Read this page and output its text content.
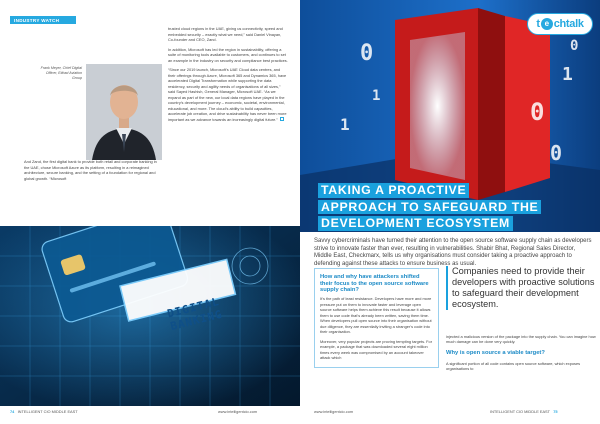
INDUSTRY WATCH
Frank Meyer, Chief Digital Officer, Etihad Aviation Group

And Zand, the first digital bank to provide both retail and corporate banking in the UAE, chose Microsoft Azure as its platform, resulting in a reimagined architecture, secure banking, and the setting of a foundation for regional and global growth. “Microsoft

trusted cloud regions in the UAE, giving us connectivity, speed and embedded security – exactly what we need,” said Daniel Vinayan, Co-founder and CEO, Zand.

In addition, Microsoft has led the region in sustainability, offering a suite of monitoring tools available to customers, and continues to set an example in the industry on security and compliance best practices.

“Since our 2019 launch, Microsoft’s UAE Cloud data centres, and their offerings through Azure, Microsoft 365 and Dynamics 365, have accelerated Digital Transformation while supporting the data residency, security and agility needs of organisations of all sizes,” said Sayed Hashish, General Manager, Microsoft UAE. “As we expand as part of the new, our local data regions have played in the country’s development journey – economic, societal, environmental, educational, and more. The cloud’s ability to build capacities, accelerate job creation, and drive sustainability has never been more important as we advance towards an increasingly digital future.”

DIGITAL BANKING
74 INTELLIGENT CIO MIDDLE EAST	www.intelligentcio.com
0
0
1
1
0
1
0
t e chtalk
TAKING A PROACTIVE
APPROACH TO SAFEGUARD THE
DEVELOPMENT ECOSYSTEM
Savvy cybercriminals have turned their attention to the open source software supply chain as developers strive to innovate faster than ever, resulting in vulnerabilities. Shabir Bhat, Regional Sales Director, Middle East, Checkmarx, tells us why organisations must consider taking a proactive approach to defending against these attacks to ensure business as usual.
How and why have attackers shifted their focus to the open source software supply chain?

It’s the path of least resistance. Developers have more and more pressure put on them to innovate faster and leverage open source software helps them achieve this result because it allows them to use code that’s already been written, saving them time. When developers pull open source into their organisation without due diligence, they are essentially inviting a stranger’s code into their organisation.

Moreover, very popular projects are proving tempting targets. For example, a package that was downloaded several eight million times every week was compromised by an account takeover attack which

Companies need to provide their developers with proactive solutions to safeguard their development ecosystem.

injected a malicious version of the package into the supply chain. You can imagine how much damage can be done very quickly.

Why is open source a viable target?

A significant portion of all code contains open source software, which exposes organisations to

www.intelligentcio.com	INTELLIGENT CIO MIDDLE EAST 75
